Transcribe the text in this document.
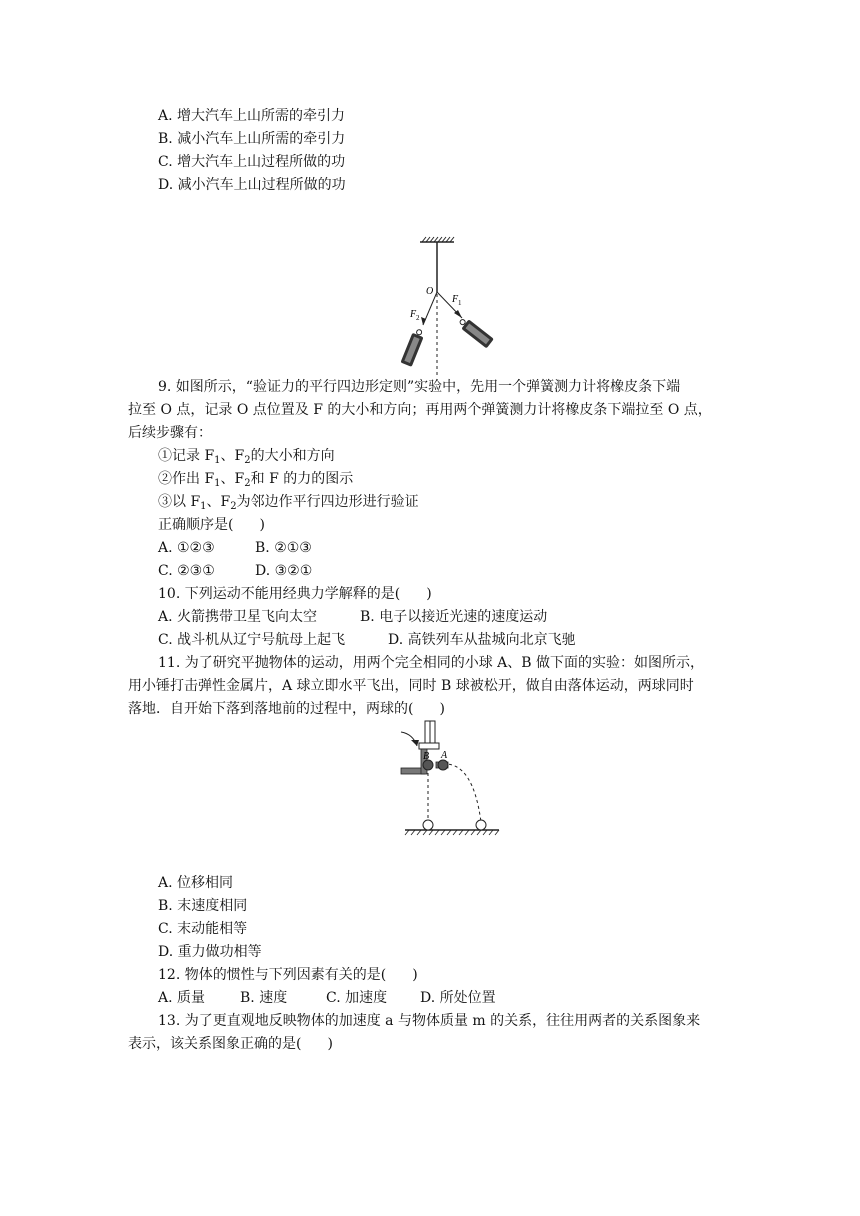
A. 增大汽车上山所需的牵引力
B. 减小汽车上山所需的牵引力
C. 增大汽车上山过程所做的功
D. 减小汽车上山过程所做的功
O
F 1
F 2
9. 如图所示，“验证力的平行四边形定则”实验中，先用一个弹簧测力计将橡皮条下端
拉至 O 点，记录 O 点位置及 F 的大小和方向；再用两个弹簧测力计将橡皮条下端拉至 O 点，
后续步骤有：
①记录 $F_1$、$F_2$的大小和方向
②作出 $F_1$、$F_2$和 F 的力的图示
③以 $F_1$、$F_2$为邻边作平行四边形进行验证
正确顺序是( )
A. ①②③	B. ②①③
C. ②③①	D. ③②①
10. 下列运动不能用经典力学解释的是( )
A. 火箭携带卫星飞向太空	B. 电子以接近光速的速度运动
C. 战斗机从辽宁号航母上起飞	D. 高铁列车从盐城向北京飞驰
11. 为了研究平抛物体的运动，用两个完全相同的小球 A、B 做下面的实验：如图所示，
用小锤打击弹性金属片，A 球立即水平飞出，同时 B 球被松开，做自由落体运动，两球同时
落地．自开始下落到落地前的过程中，两球的( )
B A
A. 位移相同
B. 末速度相同
C. 末动能相等
D. 重力做功相等
12. 物体的惯性与下列因素有关的是( )
A. 质量 B. 速度	C. 加速度 D. 所处位置
13. 为了更直观地反映物体的加速度 a 与物体质量 m 的关系，往往用两者的关系图象来
表示，该关系图象正确的是( )
